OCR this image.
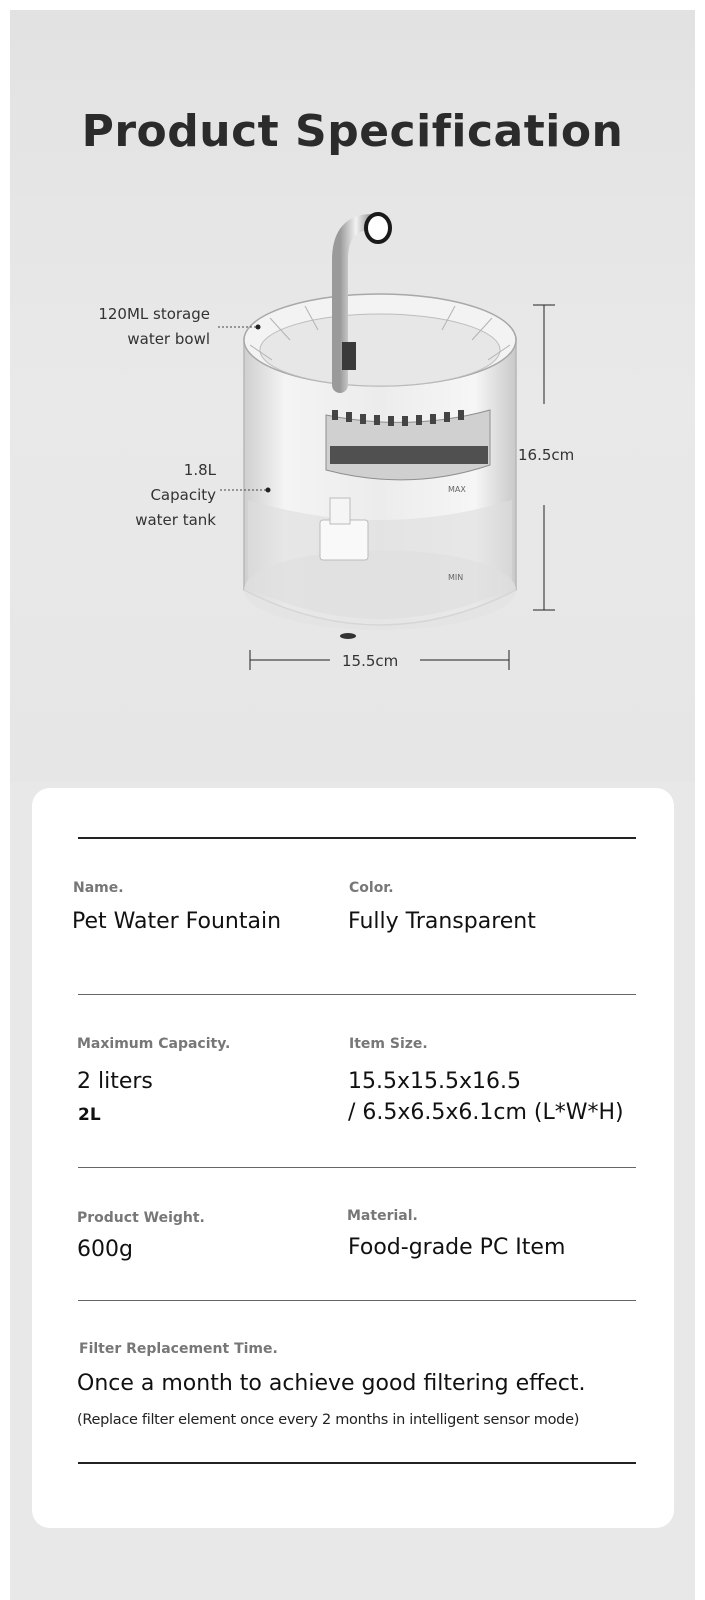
Product Specification
MAX
MIN
120ML storage
water bowl
1.8L
Capacity
water tank
16.5cm
15.5cm
Name.
Pet Water Fountain
Color.
Fully Transparent
Maximum Capacity.
2 liters
2L
Item Size.
15.5x15.5x16.5
/ 6.5x6.5x6.1cm (L*W*H)
Product Weight.
600g
Material.
Food-grade PC Item
Filter Replacement Time.
Once a month to achieve good filtering effect.
(Replace filter element once every 2 months in intelligent sensor mode)
